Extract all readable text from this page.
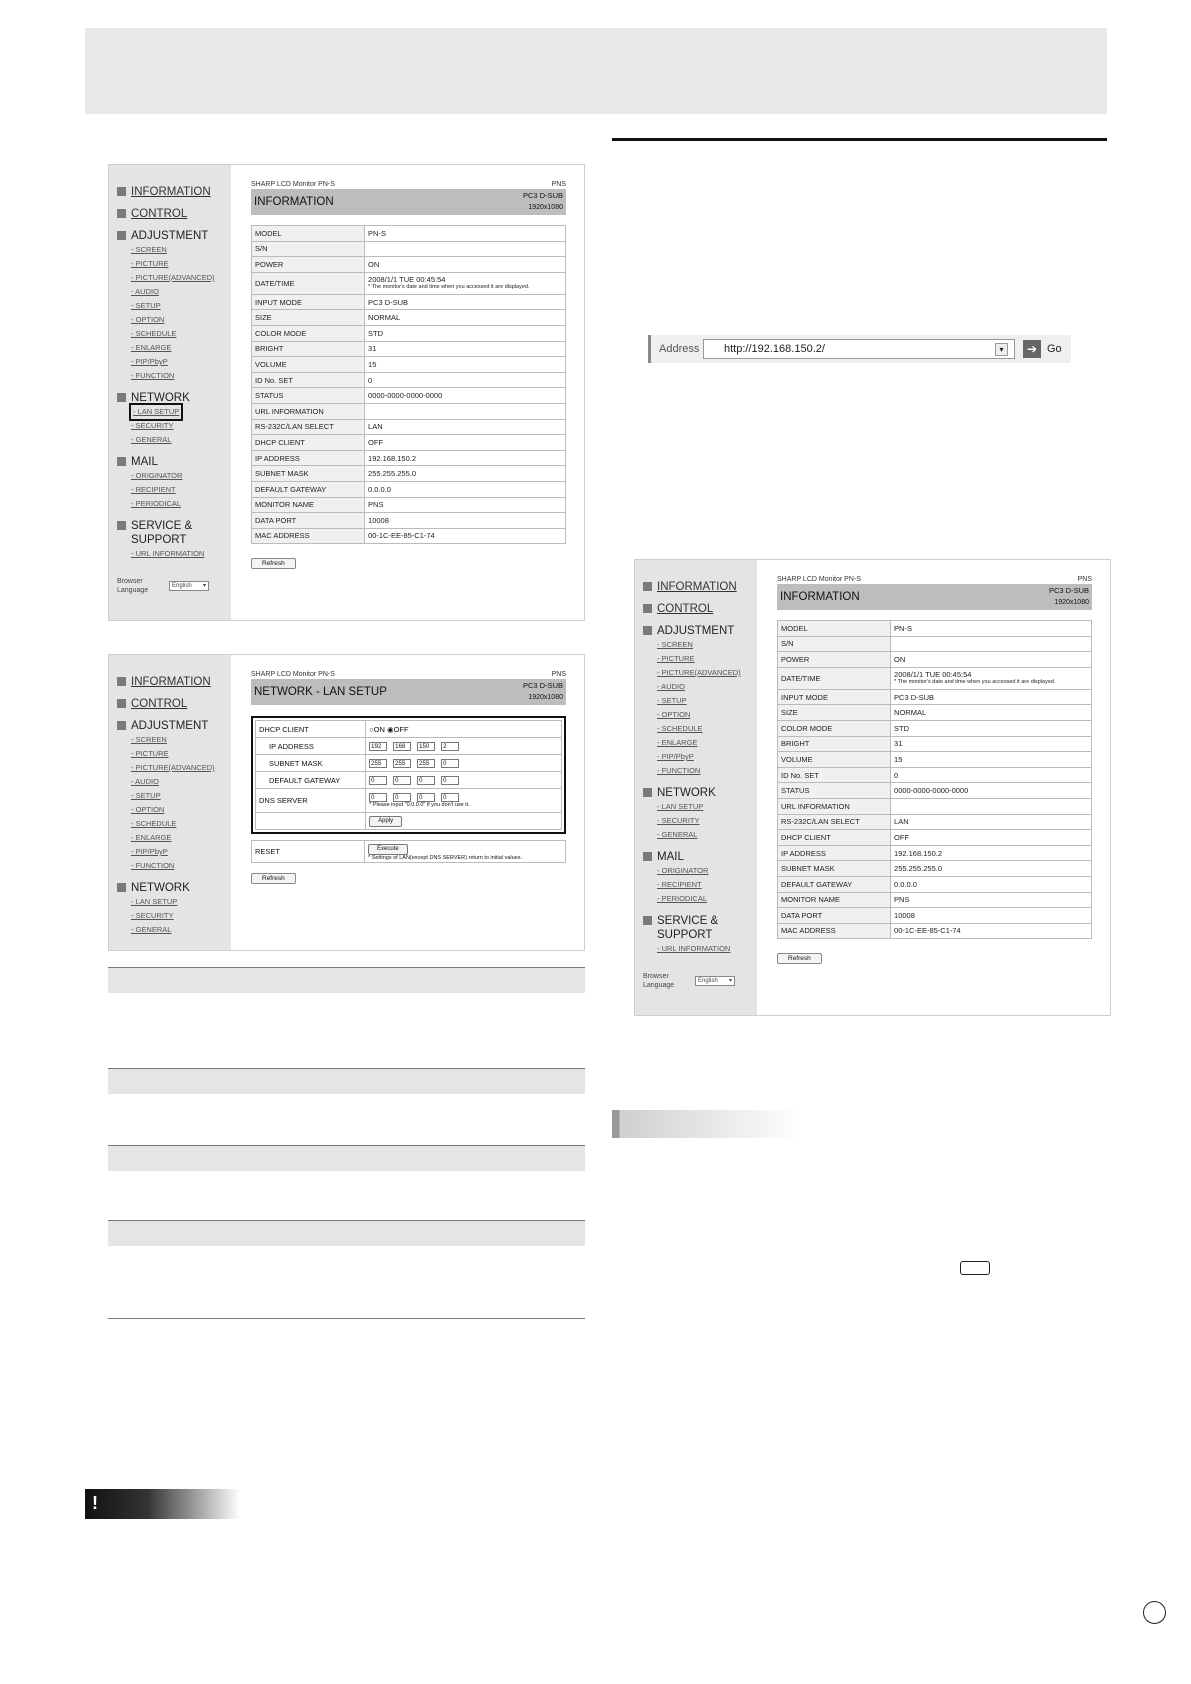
INFORMATION
CONTROL
ADJUSTMENT
- SCREEN
- PICTURE
- PICTURE(ADVANCED)
- AUDIO
- SETUP
- OPTION
- SCHEDULE
- ENLARGE
- PIP/PbyP
- FUNCTION
NETWORK
- LAN SETUP
- SECURITY
- GENERAL
MAIL
- ORIGINATOR
- RECIPIENT
- PERIODICAL
SERVICE & SUPPORT
- URL INFORMATION
Browser Language
English ▾
SHARP LCD Monitor PN-S	PNS
INFORMATION
PC3 D-SUB
1920x1080
MODEL	PN-S
S/N	
POWER	ON
DATE/TIME	2008/1/1 TUE 00:45:54
* The monitor's date and time when you accessed it are displayed.

INPUT MODE	PC3 D-SUB
SIZE	NORMAL
COLOR MODE	STD
BRIGHT	31
VOLUME	15
ID No. SET	0
STATUS	0000-0000-0000-0000
URL INFORMATION	
RS-232C/LAN SELECT	LAN
DHCP CLIENT	OFF
IP ADDRESS	192.168.150.2
SUBNET MASK	255.255.255.0
DEFAULT GATEWAY	0.0.0.0
MONITOR NAME	PNS
DATA PORT	10008
MAC ADDRESS	00-1C-EE-85-C1-74
Refresh
INFORMATION
CONTROL
ADJUSTMENT
- SCREEN
- PICTURE
- PICTURE(ADVANCED)
- AUDIO
- SETUP
- OPTION
- SCHEDULE
- ENLARGE
- PIP/PbyP
- FUNCTION
NETWORK
- LAN SETUP
- SECURITY
- GENERAL
SHARP LCD Monitor PN-S	PNS
NETWORK - LAN SETUP
PC3 D-SUB
1920x1080
DHCP CLIENT	○ON ◉OFF
IP ADDRESS	192 168 150 2
SUBNET MASK	255 255 255 0
DEFAULT GATEWAY	0 0 0 0
DNS SERVER	0 0 0 0
* Please input "0.0.0.0" if you don't use it.

	Apply
RESET	Execute
* Settings of LAN(except DNS SERVER) return to initial values.
Refresh
Address	http://192.168.150.2/	▾	➔ Go
INFORMATION
CONTROL
ADJUSTMENT
- SCREEN
- PICTURE
- PICTURE(ADVANCED)
- AUDIO
- SETUP
- OPTION
- SCHEDULE
- ENLARGE
- PIP/PbyP
- FUNCTION
NETWORK
- LAN SETUP
- SECURITY
- GENERAL
MAIL
- ORIGINATOR
- RECIPIENT
- PERIODICAL
SERVICE & SUPPORT
- URL INFORMATION
Browser Language
English ▾
SHARP LCD Monitor PN-S	PNS
INFORMATION
PC3 D-SUB
1920x1080
MODEL	PN-S
S/N	
POWER	ON
DATE/TIME	2008/1/1 TUE 00:45:54
* The monitor's date and time when you accessed it are displayed.

INPUT MODE	PC3 D-SUB
SIZE	NORMAL
COLOR MODE	STD
BRIGHT	31
VOLUME	15
ID No. SET	0
STATUS	0000-0000-0000-0000
URL INFORMATION	
RS-232C/LAN SELECT	LAN
DHCP CLIENT	OFF
IP ADDRESS	192.168.150.2
SUBNET MASK	255.255.255.0
DEFAULT GATEWAY	0.0.0.0
MONITOR NAME	PNS
DATA PORT	10008
MAC ADDRESS	00-1C-EE-85-C1-74
Refresh
!
